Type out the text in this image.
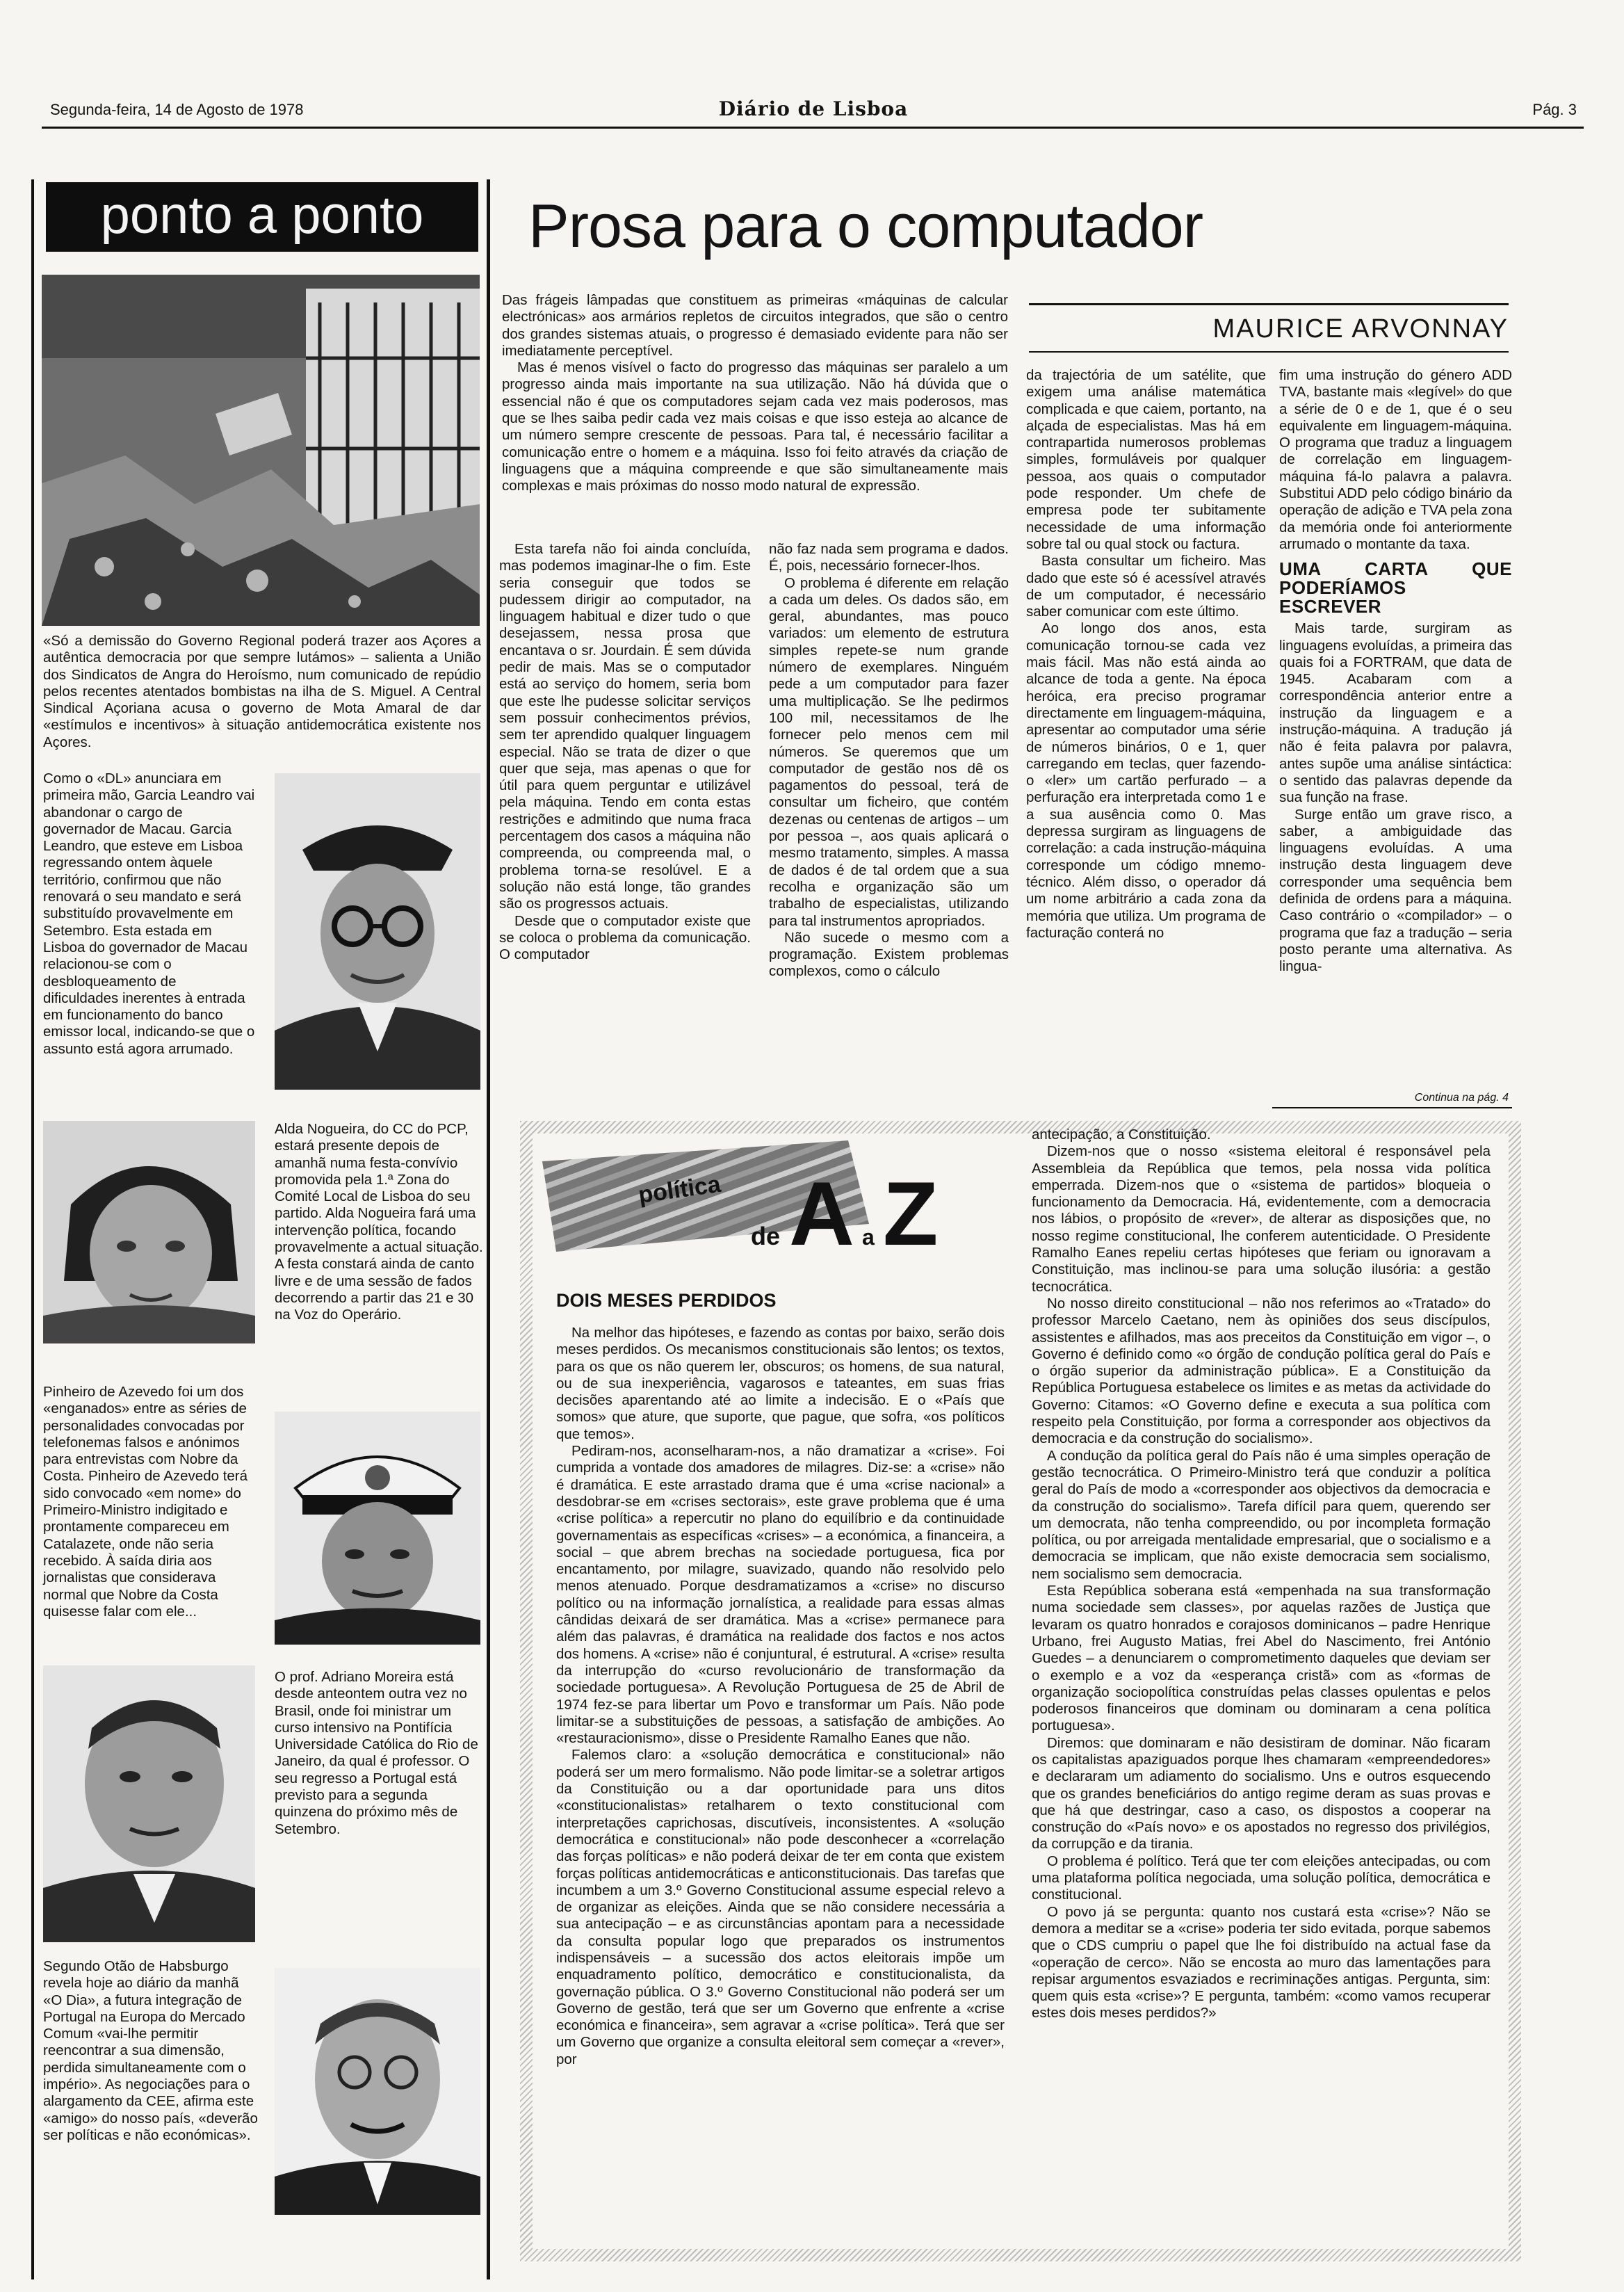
Segunda-feira, 14 de Agosto de 1978	Diário de Lisboa	Pág. 3
ponto a ponto
«Só a demissão do Governo Regional poderá trazer aos Açores a autêntica democracia por que sempre lutámos» – salienta a União dos Sindicatos de Angra do Heroísmo, num comunicado de repúdio pelos recentes atentados bombistas na ilha de S. Miguel. A Central Sindical Açoriana acusa o governo de Mota Amaral de dar «estímulos e incentivos» à situação antidemocrática existente nos Açores.
Como o «DL» anunciara em primeira mão, Garcia Leandro vai abandonar o cargo de governador de Macau. Garcia Leandro, que esteve em Lisboa regressando ontem àquele território, confirmou que não renovará o seu mandato e será substituído provavelmente em Setembro. Esta estada em Lisboa do governador de Macau relacionou-se com o desbloqueamento de dificuldades inerentes à entrada em funcionamento do banco emissor local, indicando-se que o assunto está agora arrumado.
Alda Nogueira, do CC do PCP, estará presente depois de amanhã numa festa-convívio promovida pela 1.ª Zona do Comité Local de Lisboa do seu partido. Alda Nogueira fará uma intervenção política, focando provavelmente a actual situação. A festa constará ainda de canto livre e de uma sessão de fados decorrendo a partir das 21 e 30 na Voz do Operário.
Pinheiro de Azevedo foi um dos «enganados» entre as séries de personalidades convocadas por telefonemas falsos e anónimos para entrevistas com Nobre da Costa. Pinheiro de Azevedo terá sido convocado «em nome» do Primeiro-Ministro indigitado e prontamente compareceu em Catalazete, onde não seria recebido. À saída diria aos jornalistas que considerava normal que Nobre da Costa quisesse falar com ele...
O prof. Adriano Moreira está desde anteontem outra vez no Brasil, onde foi ministrar um curso intensivo na Pontifícia Universidade Católica do Rio de Janeiro, da qual é professor. O seu regresso a Portugal está previsto para a segunda quinzena do próximo mês de Setembro.
Segundo Otão de Habsburgo revela hoje ao diário da manhã «O Dia», a futura integração de Portugal na Europa do Mercado Comum «vai-lhe permitir reencontrar a sua dimensão, perdida simultaneamente com o império». As negociações para o alargamento da CEE, afirma este «amigo» do nosso país, «deverão ser políticas e não económicas».
Prosa para o computador

Das frágeis lâmpadas que constituem as primeiras «máquinas de calcular electrónicas» aos armários repletos de circuitos integrados, que são o centro dos grandes sistemas atuais, o progresso é demasiado evidente para não ser imediatamente perceptível.

Mas é menos visível o facto do progresso das máquinas ser paralelo a um progresso ainda mais importante na sua utilização. Não há dúvida que o essencial não é que os computadores sejam cada vez mais poderosos, mas que se lhes saiba pedir cada vez mais coisas e que isso esteja ao alcance de um número sempre crescente de pessoas. Para tal, é necessário facilitar a comunicação entre o homem e a máquina. Isso foi feito através da criação de linguagens que a máquina compreende e que são simultaneamente mais complexas e mais próximas do nosso modo natural de expressão.

MAURICE ARVONNAY

Esta tarefa não foi ainda concluída, mas podemos imaginar-lhe o fim. Este seria conseguir que todos se pudessem dirigir ao computador, na linguagem habitual e dizer tudo o que desejassem, nessa prosa que encantava o sr. Jourdain. É sem dúvida pedir de mais. Mas se o computador está ao serviço do homem, seria bom que este lhe pudesse solicitar serviços sem possuir conhecimentos prévios, sem ter aprendido qualquer linguagem especial. Não se trata de dizer o que quer que seja, mas apenas o que for útil para quem perguntar e utilizável pela máquina. Tendo em conta estas restrições e admitindo que numa fraca percentagem dos casos a máquina não compreenda, ou compreenda mal, o problema torna-se resolúvel. E a solução não está longe, tão grandes são os progressos actuais.

Desde que o computador existe que se coloca o problema da comunicação. O computador

não faz nada sem programa e dados. É, pois, necessário fornecer-lhos.

O problema é diferente em relação a cada um deles. Os dados são, em geral, abundantes, mas pouco variados: um elemento de estrutura simples repete-se num grande número de exemplares. Ninguém pede a um computador para fazer uma multiplicação. Se lhe pedirmos 100 mil, necessitamos de lhe fornecer pelo menos cem mil números. Se queremos que um computador de gestão nos dê os pagamentos do pessoal, terá de consultar um ficheiro, que contém dezenas ou centenas de artigos – um por pessoa –, aos quais aplicará o mesmo tratamento, simples. A massa de dados é de tal ordem que a sua recolha e organização são um trabalho de especialistas, utilizando para tal instrumentos apropriados.

Não sucede o mesmo com a programação. Existem problemas complexos, como o cálculo

da trajectória de um satélite, que exigem uma análise matemática complicada e que caiem, portanto, na alçada de especialistas. Mas há em contrapartida numerosos problemas simples, formuláveis por qualquer pessoa, aos quais o computador pode responder. Um chefe de empresa pode ter subitamente necessidade de uma informação sobre tal ou qual stock ou factura.

Basta consultar um ficheiro. Mas dado que este só é acessível através de um computador, é necessário saber comunicar com este último.

Ao longo dos anos, esta comunicação tornou-se cada vez mais fácil. Mas não está ainda ao alcance de toda a gente. Na época heróica, era preciso programar directamente em linguagem-máquina, apresentar ao computador uma série de números binários, 0 e 1, quer carregando em teclas, quer fazendo-o «ler» um cartão perfurado – a perfuração era interpretada como 1 e a sua ausência como 0. Mas depressa surgiram as linguagens de correlação: a cada instrução-máquina corresponde um código mnemo-técnico. Além disso, o operador dá um nome arbitrário a cada zona da memória que utiliza. Um programa de facturação conterá no

fim uma instrução do género ADD TVA, bastante mais «legível» do que a série de 0 e de 1, que é o seu equivalente em linguagem-máquina. O programa que traduz a linguagem de correlação em linguagem-máquina fá-lo palavra a palavra. Substitui ADD pelo código binário da operação de adição e TVA pela zona da memória onde foi anteriormente arrumado o montante da taxa.

UMA CARTA QUE PODERÍAMOS ESCREVER

Mais tarde, surgiram as linguagens evoluídas, a primeira das quais foi a FORTRAM, que data de 1945. Acabaram com a correspondência anterior entre a instrução da linguagem e a instrução-máquina. A tradução já não é feita palavra por palavra, antes supõe uma análise sintáctica: o sentido das palavras depende da sua função na frase.

Surge então um grave risco, a saber, a ambiguidade das linguagens evoluídas. A uma instrução desta linguagem deve corresponder uma sequência bem definida de ordens para a máquina. Caso contrário o «compilador» – o programa que faz a tradução – seria posto perante uma alternativa. As lingua-

Continua na pág. 4
política
de A a Z
DOIS MESES PERDIDOS

Na melhor das hipóteses, e fazendo as contas por baixo, serão dois meses perdidos. Os mecanismos constitucionais são lentos; os textos, para os que os não querem ler, obscuros; os homens, de sua natural, ou de sua inexperiência, vagarosos e tateantes, em suas frias decisões aparentando até ao limite a indecisão. E o «País que somos» que ature, que suporte, que pague, que sofra, «os políticos que temos».

Pediram-nos, aconselharam-nos, a não dramatizar a «crise». Foi cumprida a vontade dos amadores de milagres. Diz-se: a «crise» não é dramática. E este arrastado drama que é uma «crise nacional» a desdobrar-se em «crises sectorais», este grave problema que é uma «crise política» a repercutir no plano do equilíbrio e da continuidade governamentais as específicas «crises» – a económica, a financeira, a social – que abrem brechas na sociedade portuguesa, fica por encantamento, por milagre, suavizado, quando não resolvido pelo menos atenuado. Porque desdramatizamos a «crise» no discurso político ou na informação jornalística, a realidade para essas almas cândidas deixará de ser dramática. Mas a «crise» permanece para além das palavras, é dramática na realidade dos factos e nos actos dos homens. A «crise» não é conjuntural, é estrutural. A «crise» resulta da interrupção do «curso revolucionário de transformação da sociedade portuguesa». A Revolução Portuguesa de 25 de Abril de 1974 fez-se para libertar um Povo e transformar um País. Não pode limitar-se a substituições de pessoas, a satisfação de ambições. Ao «restauracionismo», disse o Presidente Ramalho Eanes que não.

Falemos claro: a «solução democrática e constitucional» não poderá ser um mero formalismo. Não pode limitar-se a soletrar artigos da Constituição ou a dar oportunidade para uns ditos «constitucionalistas» retalharem o texto constitucional com interpretações caprichosas, discutíveis, inconsistentes. A «solução democrática e constitucional» não pode desconhecer a «correlação das forças políticas» e não poderá deixar de ter em conta que existem forças políticas antidemocráticas e anticonstitucionais. Das tarefas que incumbem a um 3.º Governo Constitucional assume especial relevo a de organizar as eleições. Ainda que se não considere necessária a sua antecipação – e as circunstâncias apontam para a necessidade da consulta popular logo que preparados os instrumentos indispensáveis – a sucessão dos actos eleitorais impõe um enquadramento político, democrático e constitucionalista, da governação pública. O 3.º Governo Constitucional não poderá ser um Governo de gestão, terá que ser um Governo que enfrente a «crise económica e financeira», sem agravar a «crise política». Terá que ser um Governo que organize a consulta eleitoral sem começar a «rever», por

antecipação, a Constituição.

Dizem-nos que o nosso «sistema eleitoral é responsável pela Assembleia da República que temos, pela nossa vida política emperrada. Dizem-nos que o «sistema de partidos» bloqueia o funcionamento da Democracia. Há, evidentemente, com a democracia nos lábios, o propósito de «rever», de alterar as disposições que, no nosso regime constitucional, lhe conferem autenticidade. O Presidente Ramalho Eanes repeliu certas hipóteses que feriam ou ignoravam a Constituição, mas inclinou-se para uma solução ilusória: a gestão tecnocrática.

No nosso direito constitucional – não nos referimos ao «Tratado» do professor Marcelo Caetano, nem às opiniões dos seus discípulos, assistentes e afilhados, mas aos preceitos da Constituição em vigor –, o Governo é definido como «o órgão de condução política geral do País e o órgão superior da administração pública». E a Constituição da República Portuguesa estabelece os limites e as metas da actividade do Governo: Citamos: «O Governo define e executa a sua política com respeito pela Constituição, por forma a corresponder aos objectivos da democracia e da construção do socialismo».

A condução da política geral do País não é uma simples operação de gestão tecnocrática. O Primeiro-Ministro terá que conduzir a política geral do País de modo a «corresponder aos objectivos da democracia e da construção do socialismo». Tarefa difícil para quem, querendo ser um democrata, não tenha compreendido, ou por incompleta formação política, ou por arreigada mentalidade empresarial, que o socialismo e a democracia se implicam, que não existe democracia sem socialismo, nem socialismo sem democracia.

Esta República soberana está «empenhada na sua transformação numa sociedade sem classes», por aquelas razões de Justiça que levaram os quatro honrados e corajosos dominicanos – padre Henrique Urbano, frei Augusto Matias, frei Abel do Nascimento, frei António Guedes – a denunciarem o comprometimento daqueles que deviam ser o exemplo e a voz da «esperança cristã» com as «formas de organização sociopolítica construídas pelas classes opulentas e pelos poderosos financeiros que dominam ou dominaram a cena política portuguesa».

Diremos: que dominaram e não desistiram de dominar. Não ficaram os capitalistas apaziguados porque lhes chamaram «empreendedores» e declararam um adiamento do socialismo. Uns e outros esquecendo que os grandes beneficiários do antigo regime deram as suas provas e que há que destringar, caso a caso, os dispostos a cooperar na construção do «País novo» e os apostados no regresso dos privilégios, da corrupção e da tirania.

O problema é político. Terá que ter com eleições antecipadas, ou com uma plataforma política negociada, uma solução política, democrática e constitucional.

O povo já se pergunta: quanto nos custará esta «crise»? Não se demora a meditar se a «crise» poderia ter sido evitada, porque sabemos que o CDS cumpriu o papel que lhe foi distribuído na actual fase da «operação de cerco». Não se encosta ao muro das lamentações para repisar argumentos esvaziados e recriminações antigas. Pergunta, sim: quem quis esta «crise»? E pergunta, também: «como vamos recuperar estes dois meses perdidos?»
